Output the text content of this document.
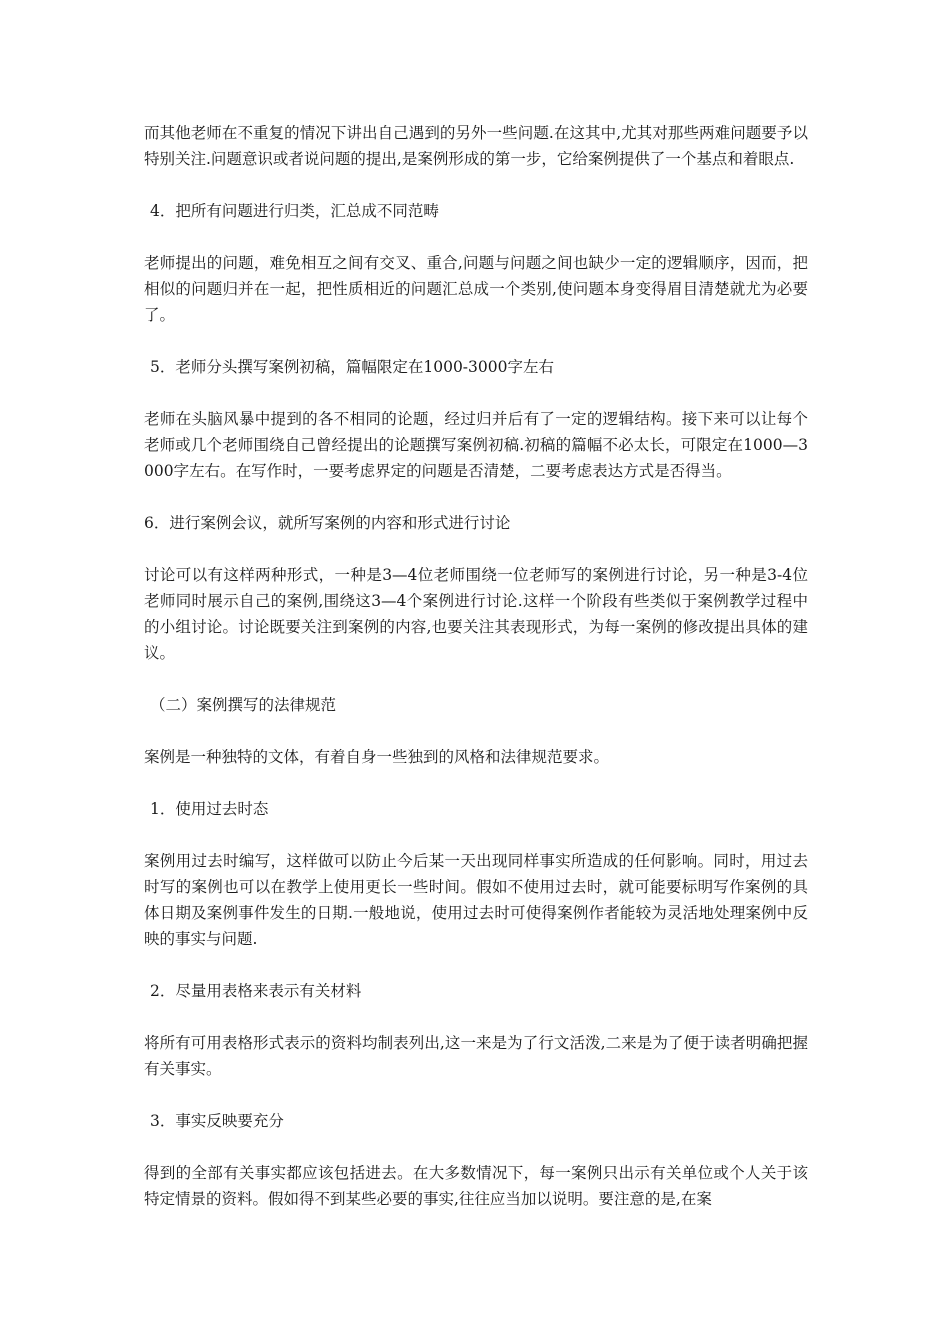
而其他老师在不重复的情况下讲出自己遇到的另外一些问题.在这其中,尤其对那些两难问题要予以特别关注.问题意识或者说问题的提出,是案例形成的第一步，它给案例提供了一个基点和着眼点.

4．把所有问题进行归类，汇总成不同范畴

老师提出的问题，难免相互之间有交叉、重合,问题与问题之间也缺少一定的逻辑顺序，因而，把相似的问题归并在一起，把性质相近的问题汇总成一个类别,使问题本身变得眉目清楚就尤为必要了。

5．老师分头撰写案例初稿，篇幅限定在1000-3000字左右

老师在头脑风暴中提到的各不相同的论题，经过归并后有了一定的逻辑结构。接下来可以让每个老师或几个老师围绕自己曾经提出的论题撰写案例初稿.初稿的篇幅不必太长，可限定在1000—3000字左右。在写作时，一要考虑界定的问题是否清楚，二要考虑表达方式是否得当。

6．进行案例会议，就所写案例的内容和形式进行讨论

讨论可以有这样两种形式，一种是3—4位老师围绕一位老师写的案例进行讨论，另一种是3-4位老师同时展示自己的案例,围绕这3—4个案例进行讨论.这样一个阶段有些类似于案例教学过程中的小组讨论。讨论既要关注到案例的内容,也要关注其表现形式，为每一案例的修改提出具体的建议。

（二）案例撰写的法律规范

案例是一种独特的文体，有着自身一些独到的风格和法律规范要求。

1．使用过去时态

案例用过去时编写，这样做可以防止今后某一天出现同样事实所造成的任何影响。同时，用过去时写的案例也可以在教学上使用更长一些时间。假如不使用过去时，就可能要标明写作案例的具体日期及案例事件发生的日期.一般地说，使用过去时可使得案例作者能较为灵活地处理案例中反映的事实与问题.

2．尽量用表格来表示有关材料

将所有可用表格形式表示的资料均制表列出,这一来是为了行文活泼,二来是为了便于读者明确把握有关事实。

3．事实反映要充分

得到的全部有关事实都应该包括进去。在大多数情况下，每一案例只出示有关单位或个人关于该特定情景的资料。假如得不到某些必要的事实,往往应当加以说明。要注意的是,在案
